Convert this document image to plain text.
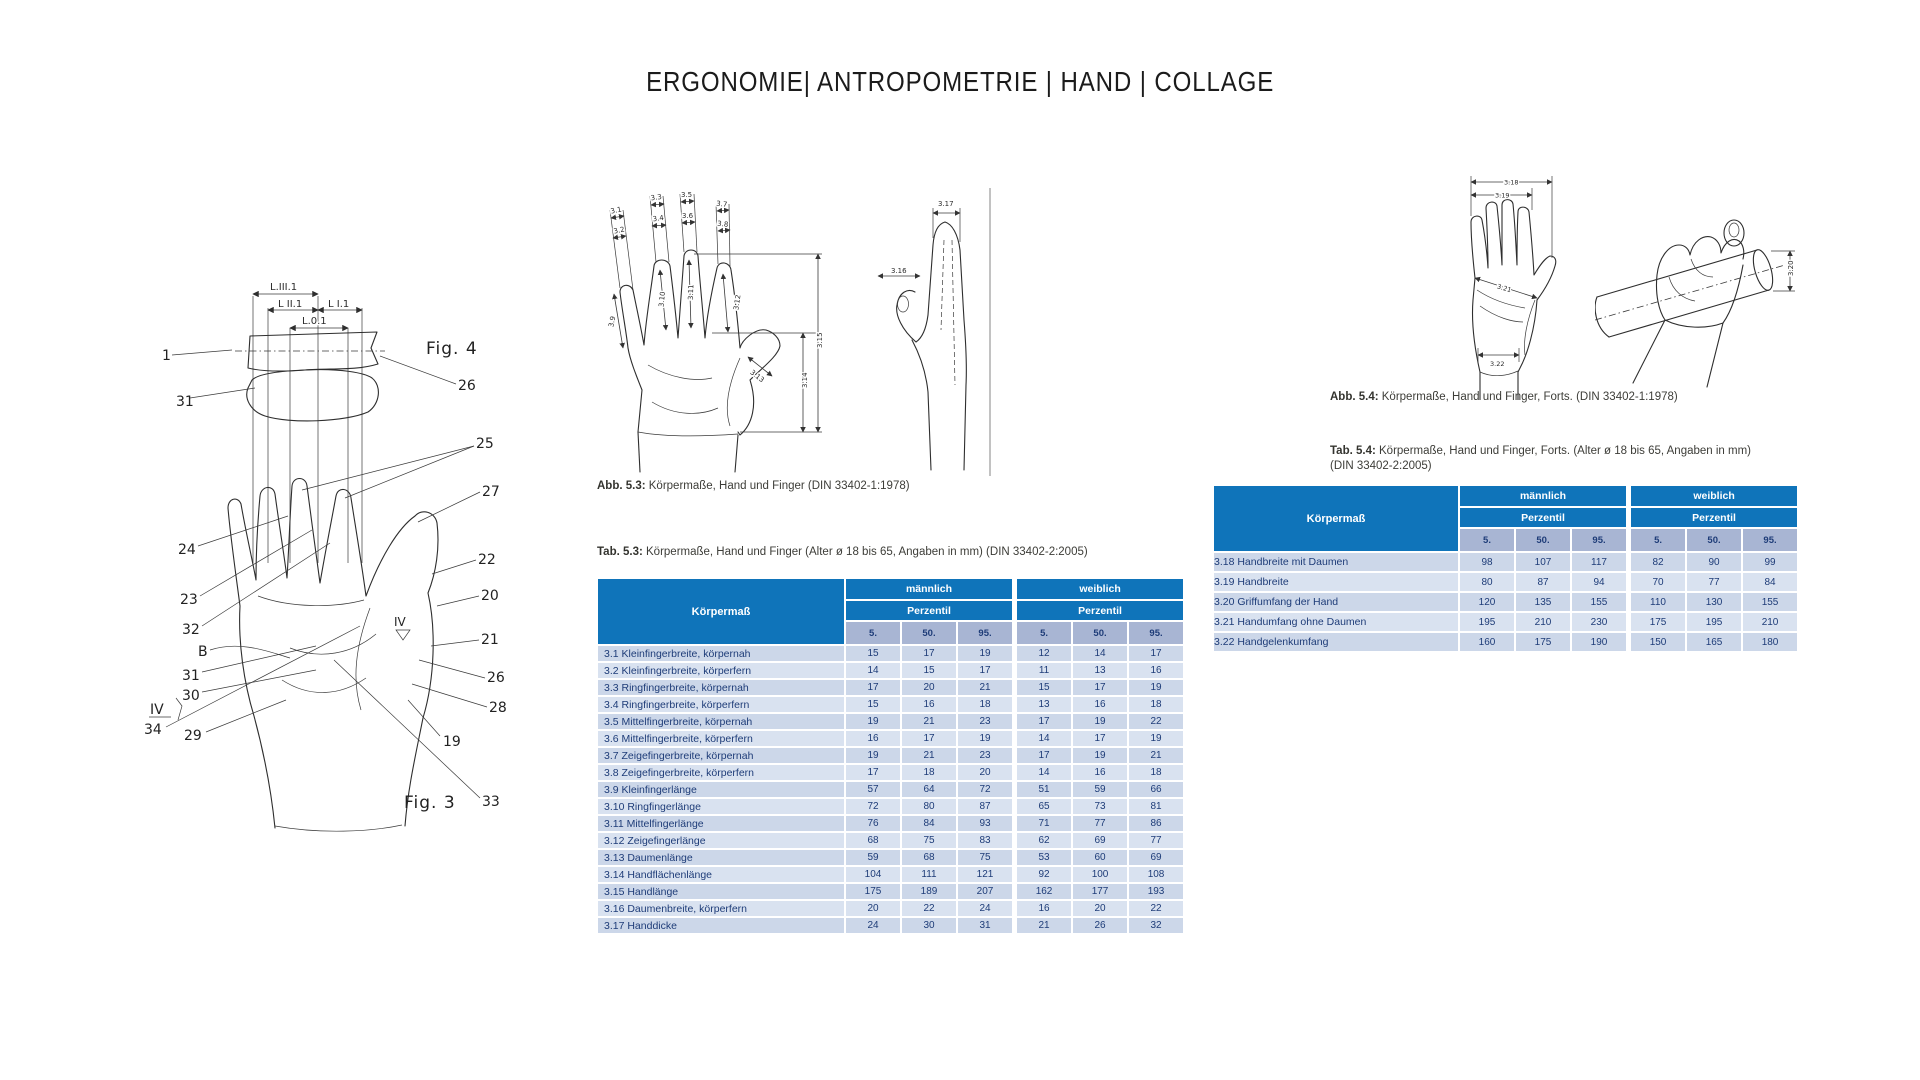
ERGONOMIE| ANTROPOMETRIE | HAND | COLLAGE
L.III.1
L II.1	L I.1
L.0.1
1
31
26
Fig. 4
IV
24
23
32
B
31
30
IV
34 29
25
27
22
20
21
26
28
19
33
Fig. 3
3.1
3.2
3.3
3.4
3.5
3.6
3.7
3.8
3.9
3.10	3.11
3.12
3.13
3.15
3.14
3.17
3.16
Abb. 5.3: Körpermaße, Hand und Finger (DIN 33402-1:1978)
Tab. 5.3: Körpermaße, Hand und Finger (Alter ø 18 bis 65, Angaben in mm) (DIN 33402-2:2005)
Körpermaß	männlich			weiblich		
	Perzentil			Perzentil		
	5.	50.	95.	5.	50.	95.
3.1 Kleinfingerbreite, körpernah	15	17	19	12	14	17
3.2 Kleinfingerbreite, körperfern	14	15	17	11	13	16
3.3 Ringfingerbreite, körpernah	17	20	21	15	17	19
3.4 Ringfingerbreite, körperfern	15	16	18	13	16	18
3.5 Mittelfingerbreite, körpernah	19	21	23	17	19	22
3.6 Mittelfingerbreite, körperfern	16	17	19	14	17	19
3.7 Zeigefingerbreite, körpernah	19	21	23	17	19	21
3.8 Zeigefingerbreite, körperfern	17	18	20	14	16	18
3.9 Kleinfingerlänge	57	64	72	51	59	66
3.10 Ringfingerlänge	72	80	87	65	73	81
3.11 Mittelfingerlänge	76	84	93	71	77	86
3.12 Zeigefingerlänge	68	75	83	62	69	77
3.13 Daumenlänge	59	68	75	53	60	69
3.14 Handflächenlänge	104	111	121	92	100	108
3.15 Handlänge	175	189	207	162	177	193
3.16 Daumenbreite, körperfern	20	22	24	16	20	22
3.17 Handdicke	24	30	31	21	26	32
3.18
3.19
3.21
3.22
3.20
Abb. 5.4: Körpermaße, Hand und Finger, Forts. (DIN 33402-1:1978)
Tab. 5.4: Körpermaße, Hand und Finger, Forts. (Alter ø 18 bis 65, Angaben in mm)
(DIN 33402-2:2005)
Körpermaß	männlich			weiblich		
	Perzentil			Perzentil		
	5.	50.	95.	5.	50.	95.
3.18 Handbreite mit Daumen	98	107	117	82	90	99
3.19 Handbreite	80	87	94	70	77	84
3.20 Griffumfang der Hand	120	135	155	110	130	155
3.21 Handumfang ohne Daumen	195	210	230	175	195	210
3.22 Handgelenkumfang	160	175	190	150	165	180
